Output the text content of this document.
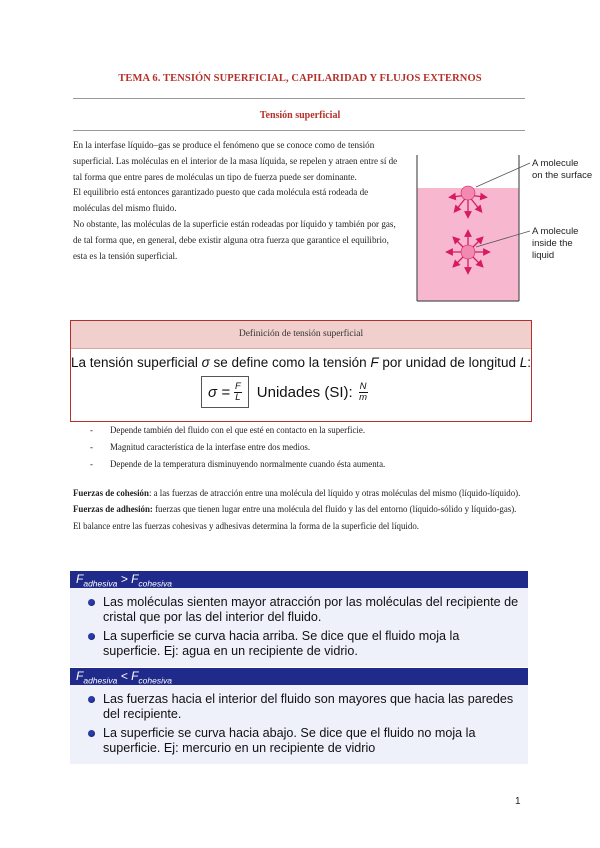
TEMA 6. TENSIÓN SUPERFICIAL, CAPILARIDAD Y FLUJOS EXTERNOS
Tensión superficial

En la interfase líquido–gas se produce el fenómeno que se conoce como de tensión superficial. Las moléculas en el interior de la masa líquida, se repelen y atraen entre sí de tal forma que entre pares de moléculas un tipo de fuerza puede ser dominante.

El equilibrio está entonces garantizado puesto que cada molécula está rodeada de moléculas del mismo fluido.

No obstante, las moléculas de la superficie están rodeadas por líquido y también por gas, de tal forma que, en general, debe existir alguna otra fuerza que garantice el equilibrio, esta es la tensión superficial.

A molecule
on the surface
A molecule
inside the
liquid
Definición de tensión superficial
La tensión superficial σ se define como la tensión F por unidad de longitud L:
$\sigma = \frac{F}{L}$ Unidades (SI): $\frac{N}{m}$
-	Depende también del fluido con el que esté en contacto en la superficie.
-	Magnitud característica de la interfase entre dos medios.
-	Depende de la temperatura disminuyendo normalmente cuando ésta aumenta.

Fuerzas de cohesión: a las fuerzas de atracción entre una molécula del líquido y otras moléculas del mismo (líquido-líquido).

Fuerzas de adhesión: fuerzas que tienen lugar entre una molécula del fluido y las del entorno (líquido-sólido y líquido-gas).

El balance entre las fuerzas cohesivas y adhesivas determina la forma de la superficie del líquido.

$F_{adhesiva} > F_{cohesiva}$
Las moléculas sienten mayor atracción por las moléculas del recipiente de cristal que por las del interior del fluido.
La superficie se curva hacia arriba. Se dice que el fluido moja la superficie. Ej: agua en un recipiente de vidrio.
$F_{adhesiva} < F_{cohesiva}$
Las fuerzas hacia el interior del fluido son mayores que hacia las paredes del recipiente.
La superficie se curva hacia abajo. Se dice que el fluido no moja la superficie. Ej: mercurio en un recipiente de vidrio
1
